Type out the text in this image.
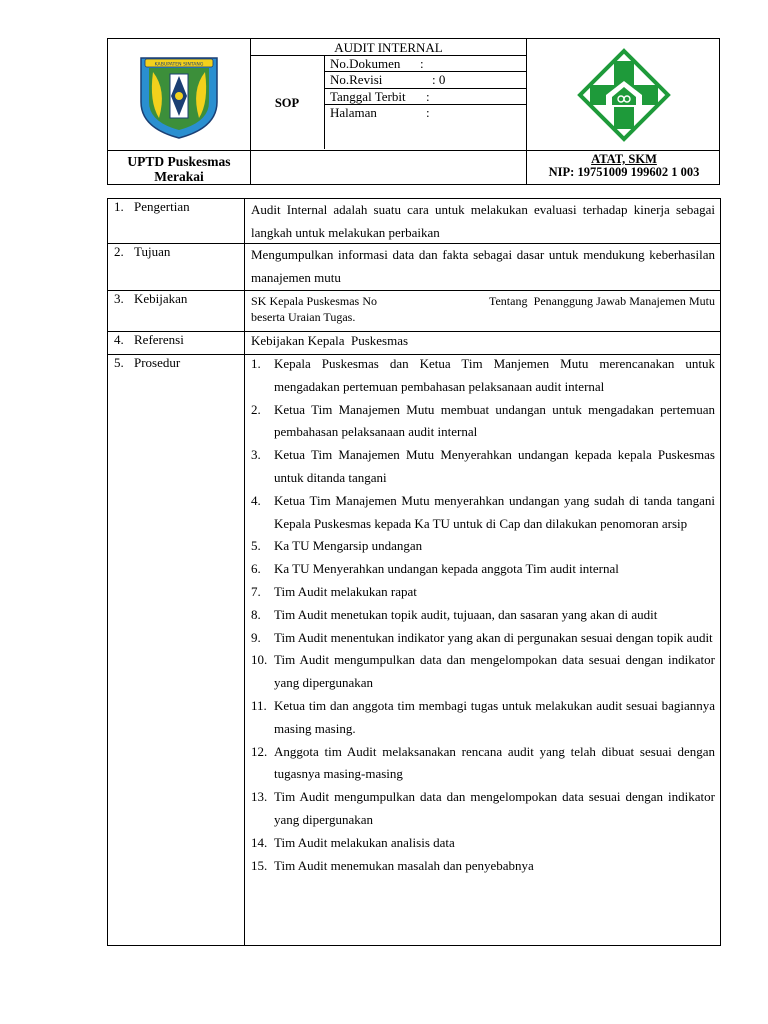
KABUPATEN SINTANG
UPTD Puskesmas Merakai
AUDIT INTERNAL
SOP
No.Dokumen :
No.Revisi	: 0
Tanggal Terbit :
Halaman	:
ATAT, SKM
NIP: 19751009 199602 1 003
1. Pengertian	Audit Internal adalah suatu cara untuk melakukan evaluasi terhadap kinerja sebagai langkah untuk melakukan perbaikan
2. Tujuan	Mengumpulkan informasi data dan fakta sebagai dasar untuk mendukung keberhasilan manajemen mutu
3. Kebijakan	SK Kepala Puskesmas No                                    Tentang  Penanggung Jawab Manajemen Mutu beserta Uraian Tugas.
4. Referensi	Kebijakan Kepala  Puskesmas
5. Prosedur	1. Kepala Puskesmas dan Ketua Tim Manjemen Mutu merencanakan untuk mengadakan pertemuan pembahasan pelaksanaan audit internal
2. Ketua Tim Manajemen Mutu membuat undangan untuk mengadakan pertemuan pembahasan pelaksanaan audit internal
3. Ketua Tim Manajemen Mutu Menyerahkan undangan kepada kepala Puskesmas untuk ditanda tangani
4. Ketua Tim Manajemen Mutu menyerahkan undangan yang sudah di tanda tangani Kepala Puskesmas kepada Ka TU untuk di Cap dan dilakukan penomoran arsip
5. Ka TU Mengarsip undangan
6. Ka TU Menyerahkan undangan kepada anggota Tim audit internal
7. Tim Audit melakukan rapat
8. Tim Audit menetukan topik audit, tujuaan, dan sasaran yang akan di audit
9. Tim Audit menentukan indikator yang akan di pergunakan sesuai dengan topik audit
10. Tim Audit mengumpulkan data dan mengelompokan data sesuai dengan indikator yang dipergunakan
11. Ketua tim dan anggota tim membagi tugas untuk melakukan audit sesuai bagiannya masing masing.
12. Anggota tim Audit melaksanakan rencana audit yang telah dibuat sesuai dengan tugasnya masing-masing
13. Tim Audit mengumpulkan data dan mengelompokan data sesuai dengan indikator yang dipergunakan
14. Tim Audit melakukan analisis data
15. Tim Audit menemukan masalah dan penyebabnya
